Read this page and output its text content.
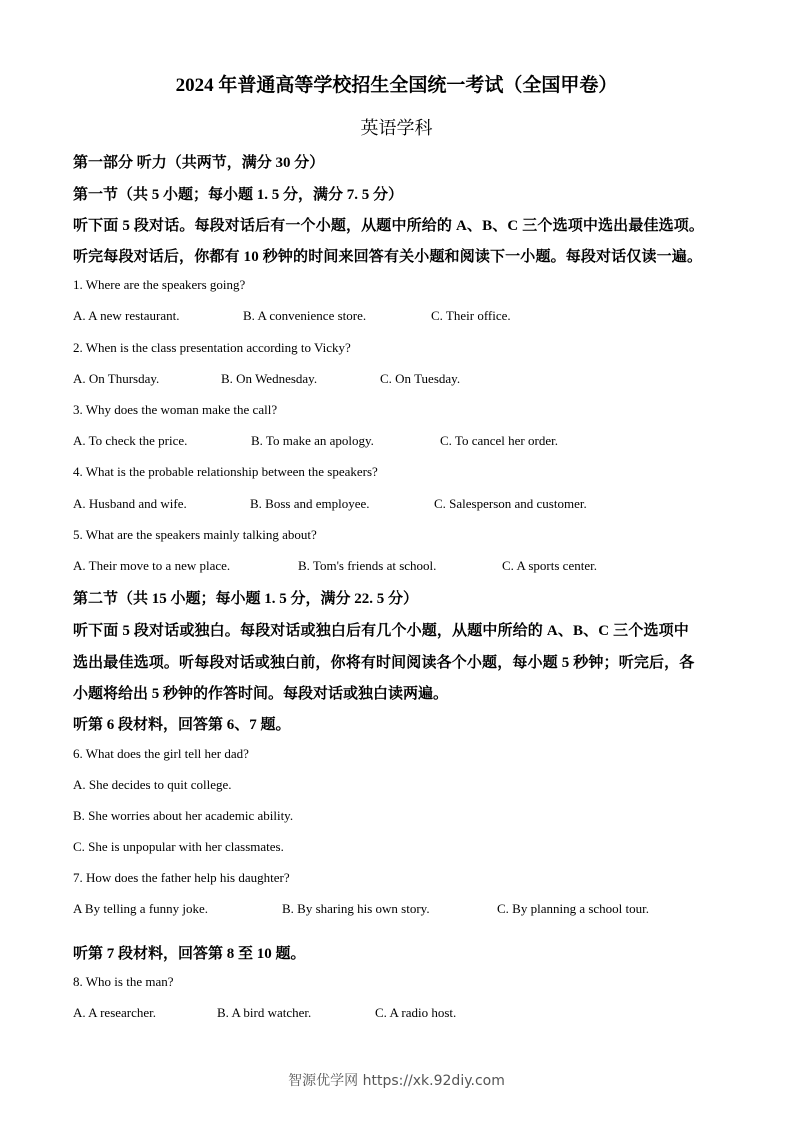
2024 年普通高等学校招生全国统一考试（全国甲卷）
英语学科
第一部分 听力（共两节，满分 30 分）
第一节（共 5 小题；每小题 1. 5 分，满分 7. 5 分）
听下面 5 段对话。每段对话后有一个小题，从题中所给的 A、B、C 三个选项中选出最佳选项。
听完每段对话后，你都有 10 秒钟的时间来回答有关小题和阅读下一小题。每段对话仅读一遍。
1. Where are the speakers going?
A. A new restaurant.	B. A convenience store.	C. Their office.
2. When is the class presentation according to Vicky?
A. On Thursday.	B. On Wednesday.	C. On Tuesday.
3. Why does the woman make the call?
A. To check the price.	B. To make an apology.	C. To cancel her order.
4. What is the probable relationship between the speakers?
A. Husband and wife.	B. Boss and employee.	C. Salesperson and customer.
5. What are the speakers mainly talking about?
A. Their move to a new place.	B. Tom's friends at school.	C. A sports center.
第二节（共 15 小题；每小题 1. 5 分，满分 22. 5 分）
听下面 5 段对话或独白。每段对话或独白后有几个小题，从题中所给的 A、B、C 三个选项中
选出最佳选项。听每段对话或独白前，你将有时间阅读各个小题，每小题 5 秒钟；听完后，各
小题将给出 5 秒钟的作答时间。每段对话或独白读两遍。
听第 6 段材料，回答第 6、7 题。
6. What does the girl tell her dad?
A. She decides to quit college.
B. She worries about her academic ability.
C. She is unpopular with her classmates.
7. How does the father help his daughter?
A By telling a funny joke.	B. By sharing his own story.	C. By planning a school tour.
听第 7 段材料，回答第 8 至 10 题。
8. Who is the man?
A. A researcher.	B. A bird watcher.	C. A radio host.
智源优学网 https://xk.92diy.com
